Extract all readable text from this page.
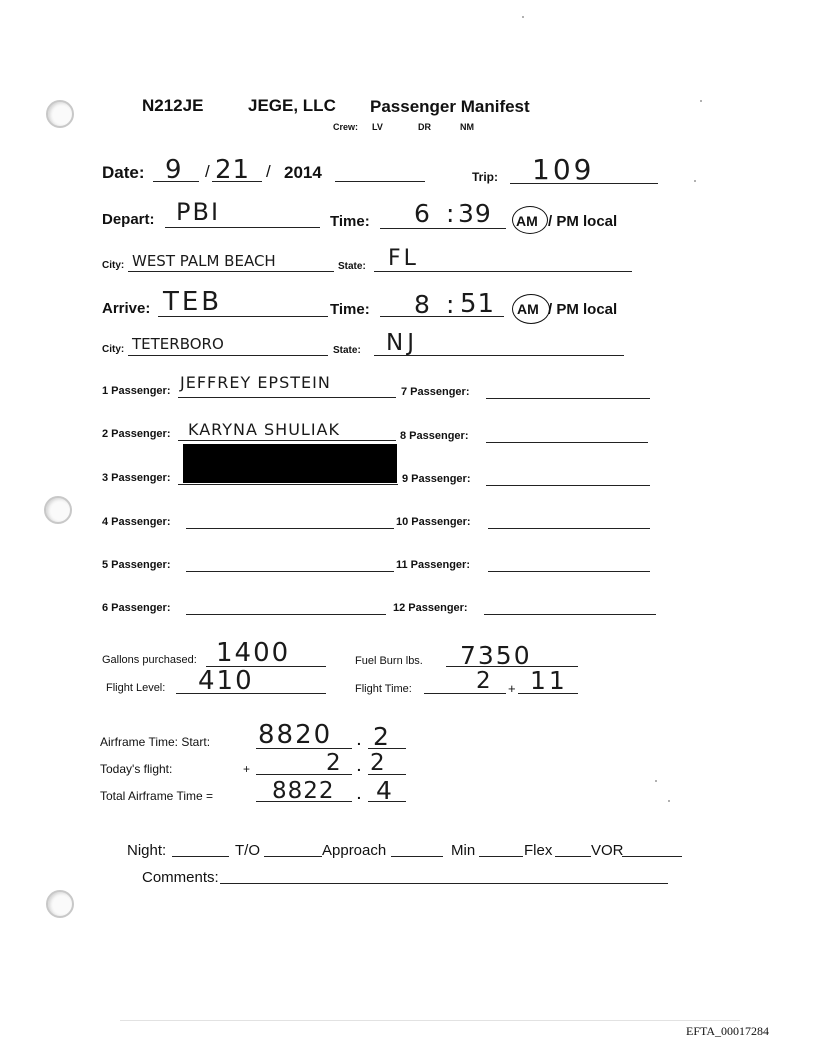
N212JE	JEGE, LLC Passenger Manifest
Crew: LV	DR	NM
Date: 9 / 21 / 2014	Trip: 109
Depart: PBI	Time: 6 : 39 AM / PM local
City: WEST PALM BEACH	State: FL
Arrive: TEB	Time: 8 : 51 AM / PM local
City: TETERBORO	State: NJ
1 Passenger: JEFFREY EPSTEIN
2 Passenger: KARYNA SHULIAK
3 Passenger:
4 Passenger:
5 Passenger:
6 Passenger:
7 Passenger:
8 Passenger:
9 Passenger:
10 Passenger:
11 Passenger:
12 Passenger:
Gallons purchased: 1400	Fuel Burn lbs. 7350
Flight Level: 410	Flight Time:	2 + 11
Airframe Time: Start: 8820 . 2
Today's flight:	+	2 . 2
Total Airframe Time =	8822 . 4
Night:	T/O	Approach	Min	Flex	VOR
Comments:
EFTA_00017284
